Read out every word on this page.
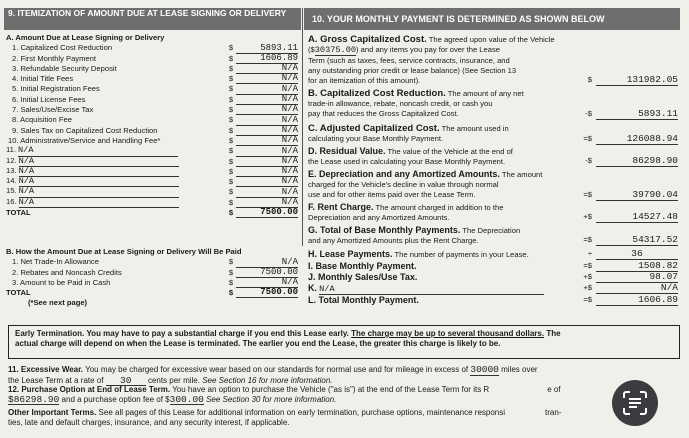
9. ITEMIZATION OF AMOUNT DUE AT LEASE SIGNING OR DELIVERY
10. YOUR MONTHLY PAYMENT IS DETERMINED AS SHOWN BELOW
A. Amount Due at Lease Signing or Delivery
1. Capitalized Cost Reduction	$	5893.11
2. First Monthly Payment	$	1606.89
3. Refundable Security Deposit	$	N/A
4. Initial Title Fees	$	N/A
5. Initial Registration Fees	$	N/A
6. Initial License Fees	$	N/A
7. Sales/Use/Excise Tax	$	N/A
8. Acquisition Fee	$	N/A
9. Sales Tax on Capitalized Cost Reduction	$	N/A
10. Administrative/Service and Handling Fee*	$	N/A
11. N/A	$	N/A
12. N/A	$	N/A
13. N/A	$	N/A
14. N/A	$	N/A
15. N/A	$	N/A
16. N/A	$	N/A
TOTAL	$	7500.00
B. How the Amount Due at Lease Signing or Delivery Will Be Paid
1. Net Trade-In Allowance	$	N/A
2. Rebates and Noncash Credits	$	7500.00
3. Amount to be Paid in Cash	$	N/A
TOTAL	$	7500.00
(*See next page)
A. Gross Capitalized Cost. The agreed upon value of the Vehicle
($30375.00) and any items you pay for over the Lease
Term (such as taxes, fees, service contracts, insurance, and
any outstanding prior credit or lease balance) (See Section 13
for an itemization of this amount).	$	131982.05
B. Capitalized Cost Reduction. The amount of any net
trade-in allowance, rebate, noncash credit, or cash you
pay that reduces the Gross Capitalized Cost.	-$	5893.11
C. Adjusted Capitalized Cost. The amount used in
calculating your Base Monthly Payment.	=$	126088.94
D. Residual Value. The value of the Vehicle at the end of
the Lease used in calculating your Base Monthly Payment.	-$	86298.90
E. Depreciation and any Amortized Amounts. The amount
charged for the Vehicle's decline in value through normal
use and for other items paid over the Lease Term.	=$	39790.04
F. Rent Charge. The amount charged in addition to the
Depreciation and any Amortized Amounts.	+$	14527.48
G. Total of Base Monthly Payments. The Depreciation
and any Amortized Amounts plus the Rent Charge.	=$	54317.52
H. Lease Payments. The number of payments in your Lease.	÷	36
I. Base Monthly Payment.	=$	1508.82
J. Monthly Sales/Use Tax.	+$	98.07
K. N/A	+$	N/A
L. Total Monthly Payment.	=$	1606.89
Early Termination. You may have to pay a substantial charge if you end this Lease early. The charge may be up to several thousand dollars. The
actual charge will depend on when the Lease is terminated. The earlier you end the Lease, the greater this charge is likely to be.
11. Excessive Wear. You may be charged for excessive wear based on our standards for normal use and for mileage in excess of 30000 miles over
the Lease Term at a rate of 30 cents per mile. See Section 16 for more information.
12. Purchase Option at End of Lease Term. You have an option to purchase the Vehicle ("as is") at the end of the Lease Term for its R	e of
$86298.90 and a purchase option fee of $300.00 See Section 30 for more information.
Other Important Terms. See all pages of this Lease for additional information on early termination, purchase options, maintenance responsi	tran-
ties, late and default charges, insurance, and any security interest, if applicable.
